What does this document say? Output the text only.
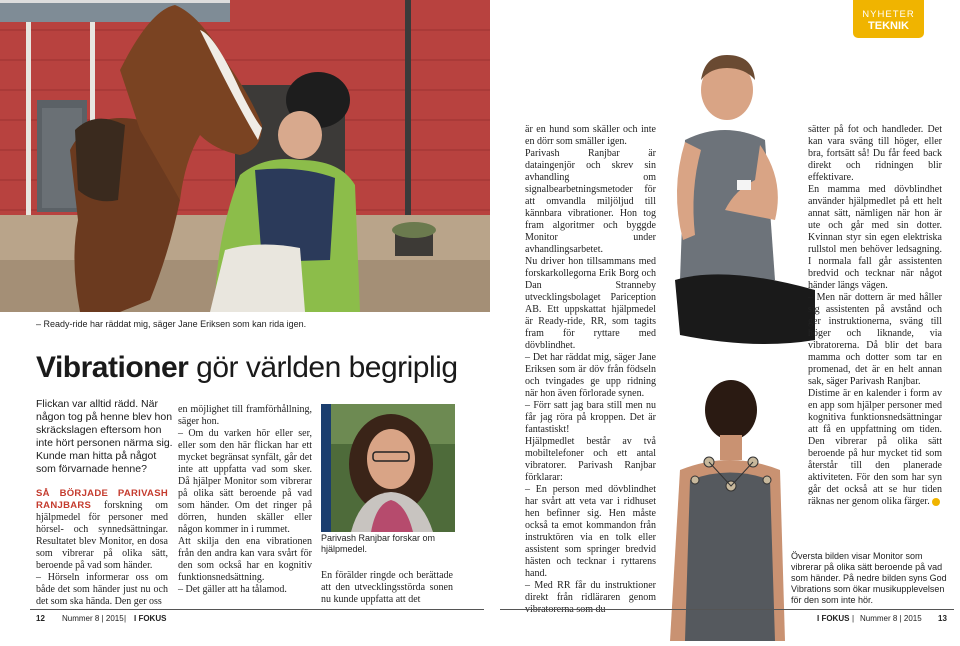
– Ready-ride har räddat mig, säger Jane Eriksen som kan rida igen.
Vibrationer gör världen begriplig
Flickan var alltid rädd. När någon tog på henne blev hon skräckslagen eftersom hon inte hört personen närma sig. Kunde man hitta på något som förvarnade henne?

SÅ BÖRJADE PARIVASH RANJBARS forskning om hjälpmedel för personer med hörsel- och synnedsättningar. Resultatet blev Monitor, en dosa som vibrerar på olika sätt, beroende på vad som händer.

– Hörseln informerar oss om både det som händer just nu och det som ska hända. Den ger oss

en möjlighet till framförhållning, säger hon.

– Om du varken hör eller ser, eller som den här flickan har ett mycket begränsat synfält, går det inte att uppfatta vad som sker. Då hjälper Monitor som vibrerar på olika sätt beroende på vad som händer. Om det ringer på dörren, hunden skäller eller någon kommer in i rummet.

Att skilja den ena vibrationen från den andra kan vara svårt för den som också har en kognitiv funktionsnedsättning.

– Det gäller att ha tålamod.

Parivash Ranjbar forskar om hjälpmedel.

En förälder ringde och berättade att den utvecklingsstörda sonen nu kunde uppfatta att det

12 Nummer 8 | 2015 | I FOKUS
NYHETER
TEKNIK

är en hund som skäller och inte en dörr som smäller igen.

Parivash Ranjbar är dataingenjör och skrev sin avhandling om signalbearbetningsmetoder för att omvandla miljöljud till kännbara vibrationer. Hon tog fram algoritmer och byggde Monitor under avhandlingsarbetet.

Nu driver hon tillsammans med forskarkollegorna Erik Borg och Dan Stranneby utvecklingsbolaget Pariception AB. Ett uppskattat hjälpmedel är Ready-ride, RR, som tagits fram för ryttare med dövblindhet.

– Det har räddat mig, säger Jane Eriksen som är döv från födseln och tvingades ge upp ridning när hon även förlorade synen.

– Förr satt jag bara still men nu får jag röra på kroppen. Det är fantastiskt!

Hjälpmedlet består av två mobiltelefoner och ett antal vibratorer. Parivash Ranjbar förklarar:

– En person med dövblindhet har svårt att veta var i ridhuset hen befinner sig. Hen måste också ta emot kommandon från instruktören via en tolk eller assistent som springer bredvid hästen och tecknar i ryttarens hand.

– Med RR får du instruktioner direkt från ridläraren genom

sätter på fot och handleder. Det kan vara sväng till höger, eller bra, fortsätt så! Du får feed back direkt och ridningen blir effektivare.

En mamma med dövblindhet använder hjälpmedlet på ett helt annat sätt, nämligen när hon är ute och går med sin dotter. Kvinnan styr sin egen elektriska rullstol men behöver ledsagning. I normala fall går assistenten bredvid och tecknar när något händer längs vägen.

– Men när dottern är med håller sig assistenten på avstånd och ger instruktionerna, sväng till höger och liknande, via vibratorerna. Då blir det bara mamma och dotter som tar en promenad, det är en helt annan sak, säger Parivash Ranjbar.

Distime är en kalender i form av en app som hjälper personer med kognitiva funktionsnedsättningar att få en uppfattning om tiden. Den vibrerar på olika sätt beroende på hur mycket tid som återstår till den planerade aktiviteten. För den som har syn går det också att se hur tiden räknas ner genom olika färger.

Översta bilden visar Monitor som vibrerar på olika sätt beroende på vad som händer. På nedre bilden syns God Vibrations som ökar musikupplevelsen för den som inte hör.
I FOKUS | Nummer 8 | 2015 13
